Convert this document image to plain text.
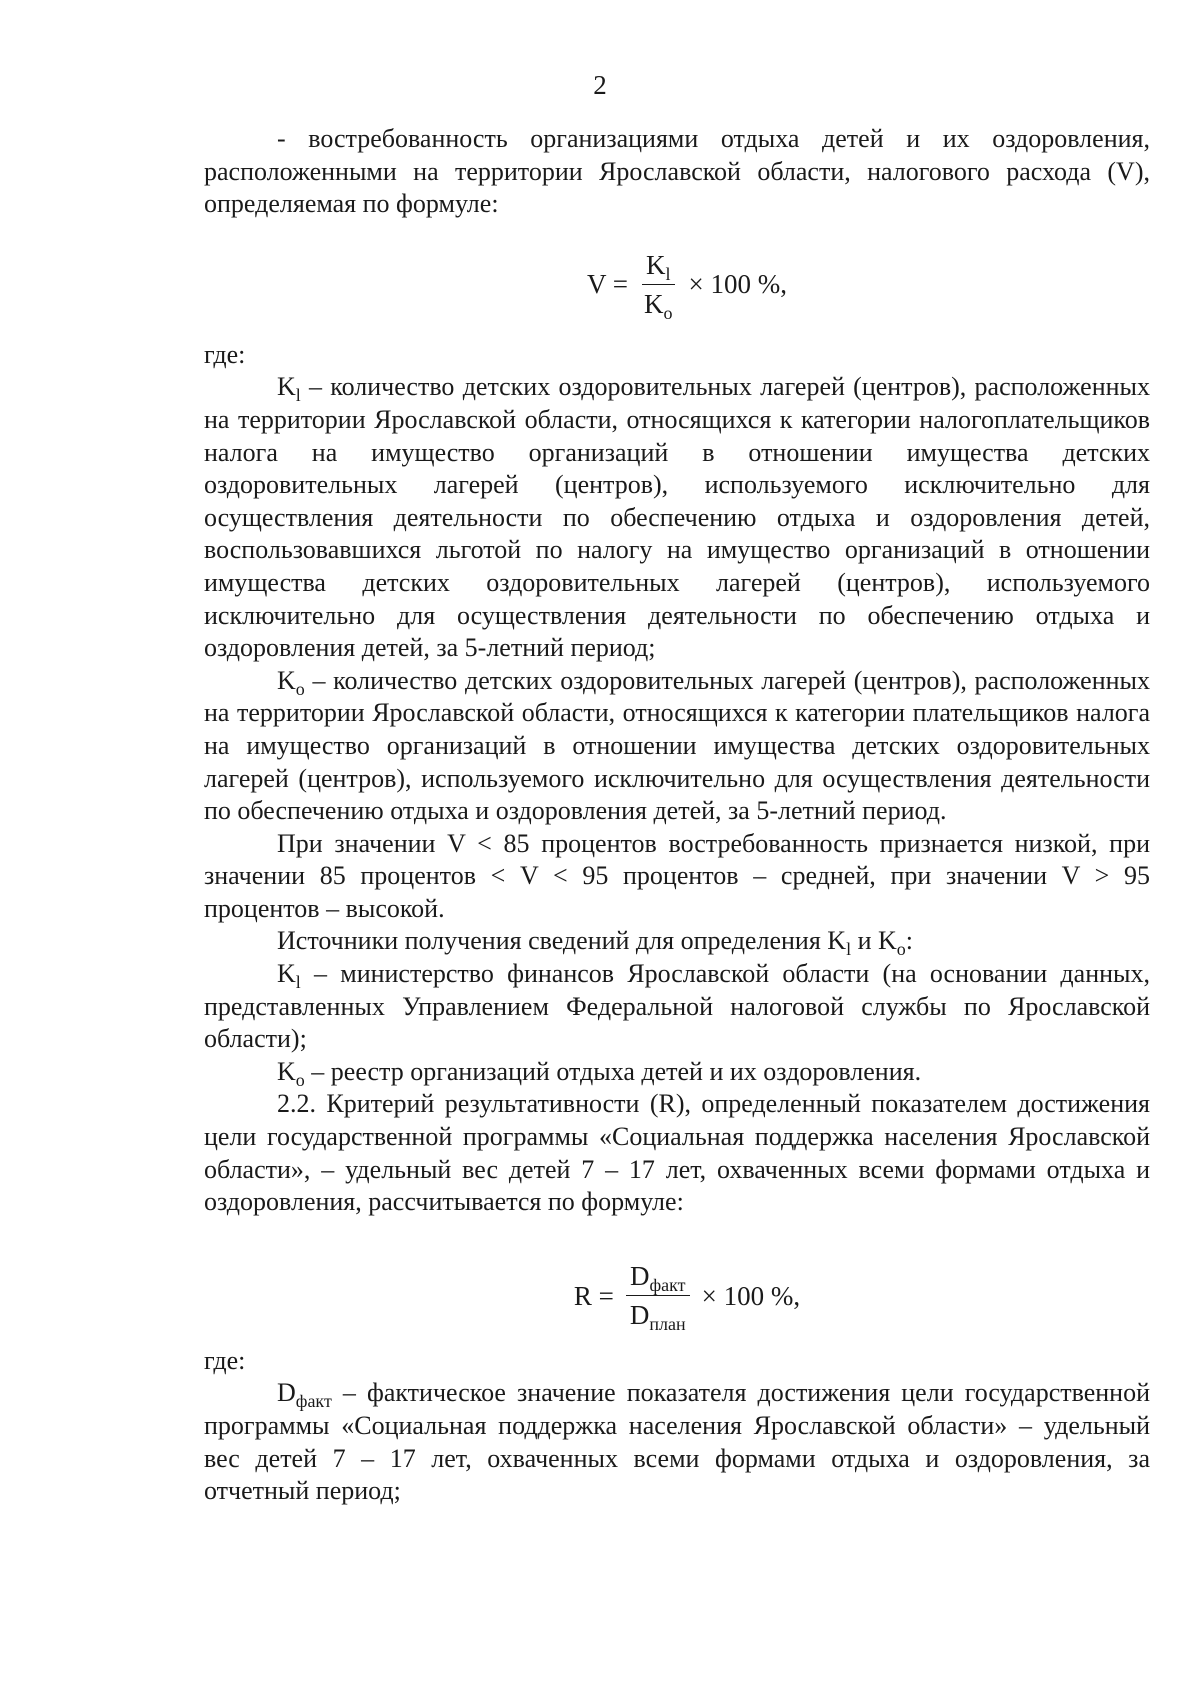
2

- востребованность организациями отдыха детей и их оздоровления, расположенными на территории Ярославской области, налогового расхода (V), определяемая по формуле:

$V = \frac{K_l}{K_o} \times 100$ %,

где:

$K_l$ – количество детских оздоровительных лагерей (центров), расположенных на территории Ярославской области, относящихся к категории налогоплательщиков налога на имущество организаций в отношении имущества детских оздоровительных лагерей (центров), используемого исключительно для осуществления деятельности по обеспечению отдыха и оздоровления детей, воспользовавшихся льготой по налогу на имущество организаций в отношении имущества детских оздоровительных лагерей (центров), используемого исключительно для осуществления деятельности по обеспечению отдыха и оздоровления детей, за 5-летний период;

$K_o$ – количество детских оздоровительных лагерей (центров), расположенных на территории Ярославской области, относящихся к категории плательщиков налога на имущество организаций в отношении имущества детских оздоровительных лагерей (центров), используемого исключительно для осуществления деятельности по обеспечению отдыха и оздоровления детей, за 5-летний период.

При значении V < 85 процентов востребованность признается низкой, при значении 85 процентов < V < 95 процентов – средней, при значении V > 95 процентов – высокой.

Источники получения сведений для определения $K_l$ и $K_o$:

$K_l$ – министерство финансов Ярославской области (на основании данных, представленных Управлением Федеральной налоговой службы по Ярославской области);

$K_o$ – реестр организаций отдыха детей и их оздоровления.

2.2. Критерий результативности (R), определенный показателем достижения цели государственной программы «Социальная поддержка населения Ярославской области», – удельный вес детей 7 – 17 лет, охваченных всеми формами отдыха и оздоровления, рассчитывается по формуле:

$R = \frac{D_{факт}}{D_{план}} \times 100$ %,

где:

$D_{факт}$ – фактическое значение показателя достижения цели государственной программы «Социальная поддержка населения Ярославской области» – удельный вес детей 7 – 17 лет, охваченных всеми формами отдыха и оздоровления, за отчетный период;
